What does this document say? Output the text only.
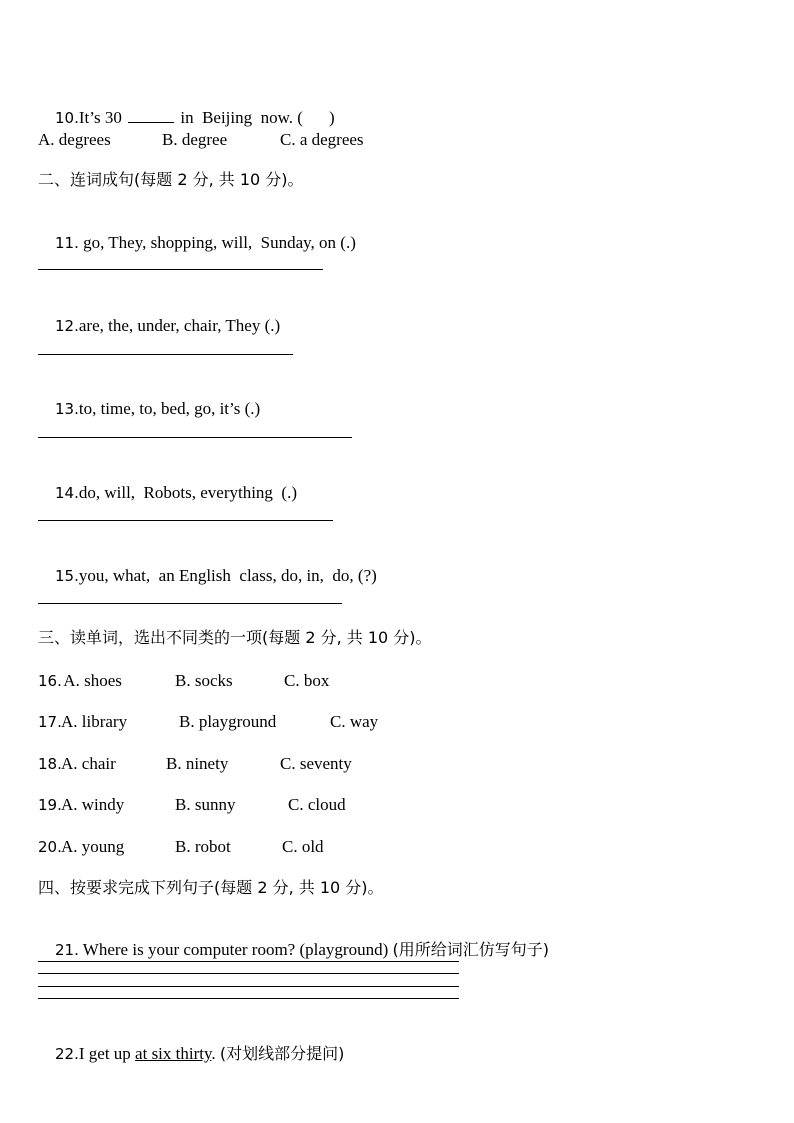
10.It’s 30	in  Beijing  now. ( )

A. degrees	B. degree	C. a degrees
二、连词成句(每题 2 分, 共 10 分)。

11. go, They, shopping, will,  Sunday, on (.)

12.are, the, under, chair, They (.)

13.to, time, to, bed, go, it’s (.)

14.do, will,  Robots, everything  (.)

15.you, what,  an English  class, do, in,  do, (?)

三、读单词，选出不同类的一项(每题 2 分, 共 10 分)。
16.
A. shoes	B. socks	C. box
17. A. library	B. playground	C. way
18. A. chair	B. ninety	C. seventy
19. A. windy	B. sunny	C. cloud
20. A. young	B. robot	C. old
四、按要求完成下列句子(每题 2 分, 共 10 分)。

21. Where is your computer room? (playground) (用所给词汇仿写句子)

22.I get up at six thirty. (对划线部分提问)
